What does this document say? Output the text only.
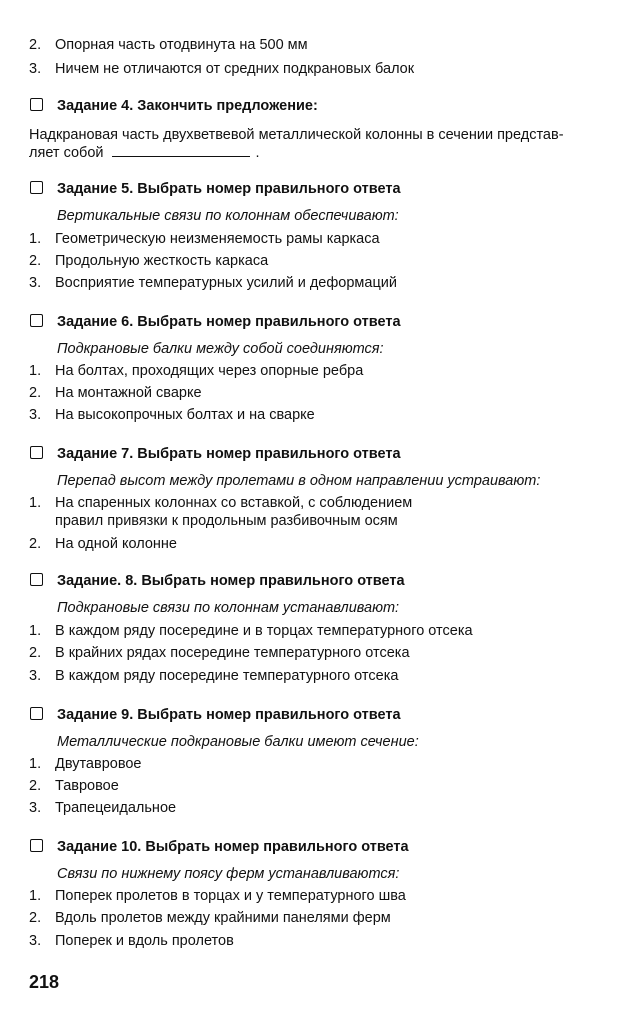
2. Опорная часть отодвинута на 500 мм
3. Ничем не отличаются от средних подкрановых балок
Задание 4. Закончить предложение:
Надкрановая часть двухветвевой металлической колонны в сечении представ-
ляет собой	.
Задание 5. Выбрать номер правильного ответа
Вертикальные связи по колоннам обеспечивают:
1. Геометрическую неизменяемость рамы каркаса
2. Продольную жесткость каркаса
3. Восприятие температурных усилий и деформаций
Задание 6. Выбрать номер правильного ответа
Подкрановые балки между собой соединяются:
1. На болтах, проходящих через опорные ребра
2. На монтажной сварке
3. На высокопрочных болтах и на сварке
Задание 7. Выбрать номер правильного ответа
Перепад высот между пролетами в одном направлении устраивают:
1. На спаренных колоннах со вставкой, с соблюдением
правил привязки к продольным разбивочным осям
2. На одной колонне
Задание. 8. Выбрать номер правильного ответа
Подкрановые связи по колоннам устанавливают:
1. В каждом ряду посередине и в торцах температурного отсека
2. В крайних рядах посередине температурного отсека
3. В каждом ряду посередине температурного отсека
Задание 9. Выбрать номер правильного ответа
Металлические подкрановые балки имеют сечение:
1. Двутавровое
2. Тавровое
3. Трапецеидальное
Задание 10. Выбрать номер правильного ответа
Связи по нижнему поясу ферм устанавливаются:
1. Поперек пролетов в торцах и у температурного шва
2. Вдоль пролетов между крайними панелями ферм
3. Поперек и вдоль пролетов
218
